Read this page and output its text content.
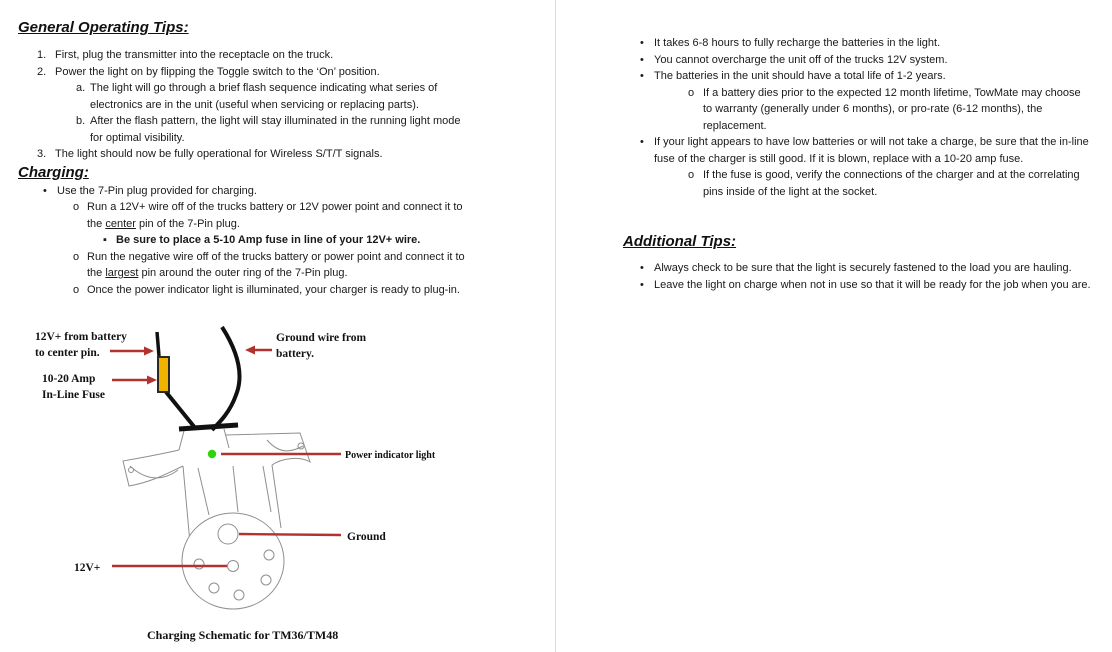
General Operating Tips:
1. First, plug the transmitter into the receptacle on the truck.
2. Power the light on by flipping the Toggle switch to the ‘On’ position.
a. The light will go through a brief flash sequence indicating what series of electronics are in the unit (useful when servicing or replacing parts).
b. After the flash pattern, the light will stay illuminated in the running light mode for optimal visibility.
3. The light should now be fully operational for Wireless S/T/T signals.
Charging:
• Use the 7-Pin plug provided for charging.
o Run a 12V+ wire off of the trucks battery or 12V power point and connect it to the center pin of the 7-Pin plug.
▪ Be sure to place a 5-10 Amp fuse in line of your 12V+ wire.
o Run the negative wire off of the trucks battery or power point and connect it to the largest pin around the outer ring of the 7-Pin plug.
o Once the power indicator light is illuminated, your charger is ready to plug-in.
12V+ from battery
to center pin.
10-20 Amp
In-Line Fuse
Ground wire from
battery.
Power indicator light
Ground
12V+
Charging Schematic for TM36/TM48
• It takes 6-8 hours to fully recharge the batteries in the light.
• You cannot overcharge the unit off of the trucks 12V system.
• The batteries in the unit should have a total life of 1-2 years.
o If a battery dies prior to the expected 12 month lifetime, TowMate may choose to warranty (generally under 6 months), or pro-rate (6-12 months), the replacement.
• If your light appears to have low batteries or will not take a charge, be sure that the in-line fuse of the charger is still good. If it is blown, replace with a 10-20 amp fuse.
o If the fuse is good, verify the connections of the charger and at the correlating pins inside of the light at the socket.
Additional Tips:
• Always check to be sure that the light is securely fastened to the load you are hauling.
• Leave the light on charge when not in use so that it will be ready for the job when you are.
